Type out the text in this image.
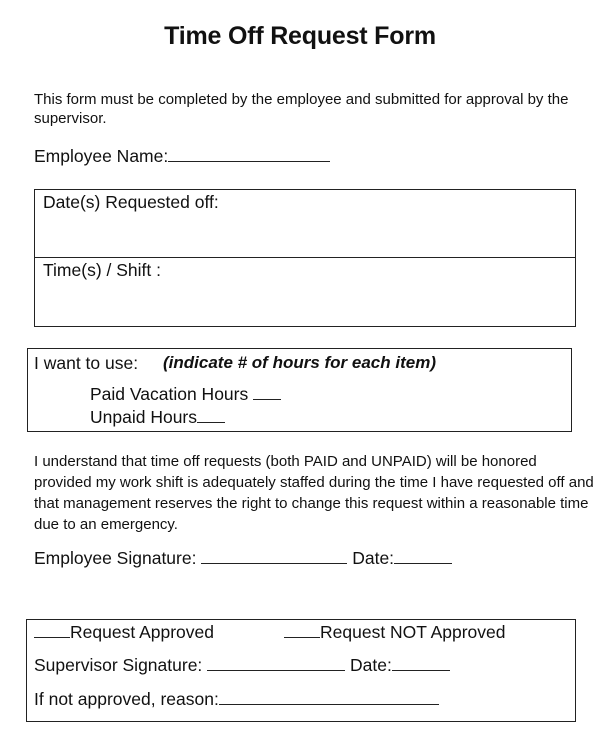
Time Off Request Form
This form must be completed by the employee and submitted for approval by the supervisor.
Employee Name:
Date(s) Requested off:
Time(s) / Shift :
I want to use: (indicate # of hours for each item)
Paid Vacation Hours
Unpaid Hours
I understand that time off requests (both PAID and UNPAID) will be honored provided my work shift is adequately staffed during the time I have requested off and that management reserves the right to change this request within a reasonable time due to an emergency.
Employee Signature:	Date:
Request Approved	Request NOT Approved
Supervisor Signature:	Date:
If not approved, reason:
